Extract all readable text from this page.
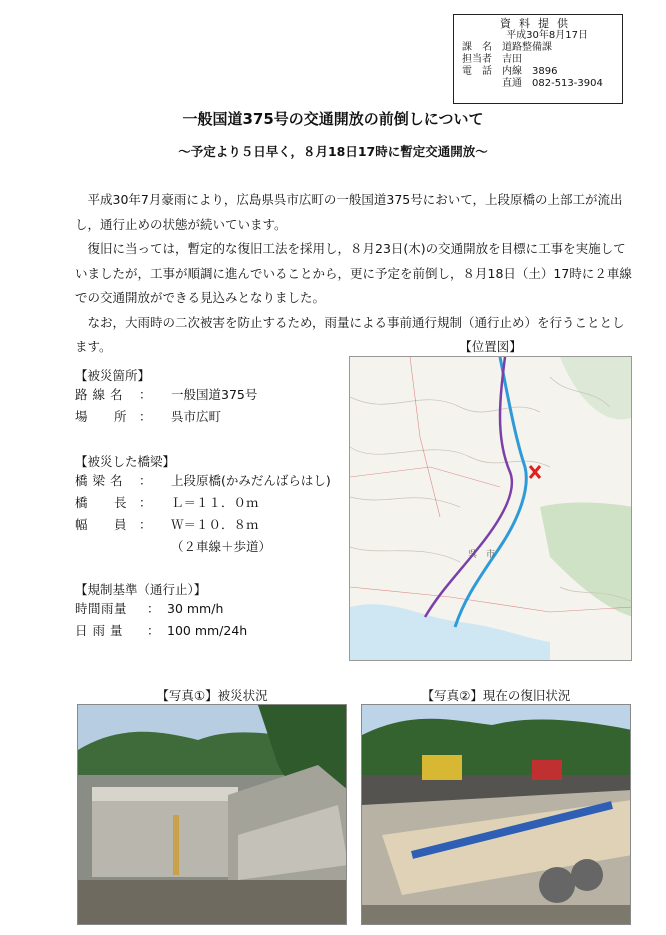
資料提供
平成30年8月17日
課　名	道路整備課
担当者	吉田
電　話	内線　3896
直通　082-513-3904
一般国道375号の交通開放の前倒しについて
～予定より５日早く，８月18日17時に暫定交通開放～

平成30年7月豪雨により，広島県呉市広町の一般国道375号において，上段原橋の上部工が流出し，通行止めの状態が続いています。

復旧に当っては，暫定的な復旧工法を採用し，８月23日(木)の交通開放を目標に工事を実施していましたが，工事が順調に進んでいることから，更に予定を前倒し，８月18日（土）17時に２車線での交通開放ができる見込みとなりました。

なお，大雨時の二次被害を防止するため，雨量による事前通行規制（通行止め）を行うこととします。

【被災箇所】
路 線 名	：	一般国道375号
場　　所 ：	呉市広町
【被災した橋梁】
橋 梁 名	：	上段原橋(かみだんばらはし)
橋　　長 ：	Ｌ＝１１．０ｍ
幅　　員 ：	Ｗ＝１０．８ｍ
（２車線＋歩道）
【規制基準（通行止）】
時間雨量	： 30 mm/h
日 雨 量	： 100 mm/24h
【位置図】
呉　市
【写真①】被災状況	【写真②】現在の復旧状況
